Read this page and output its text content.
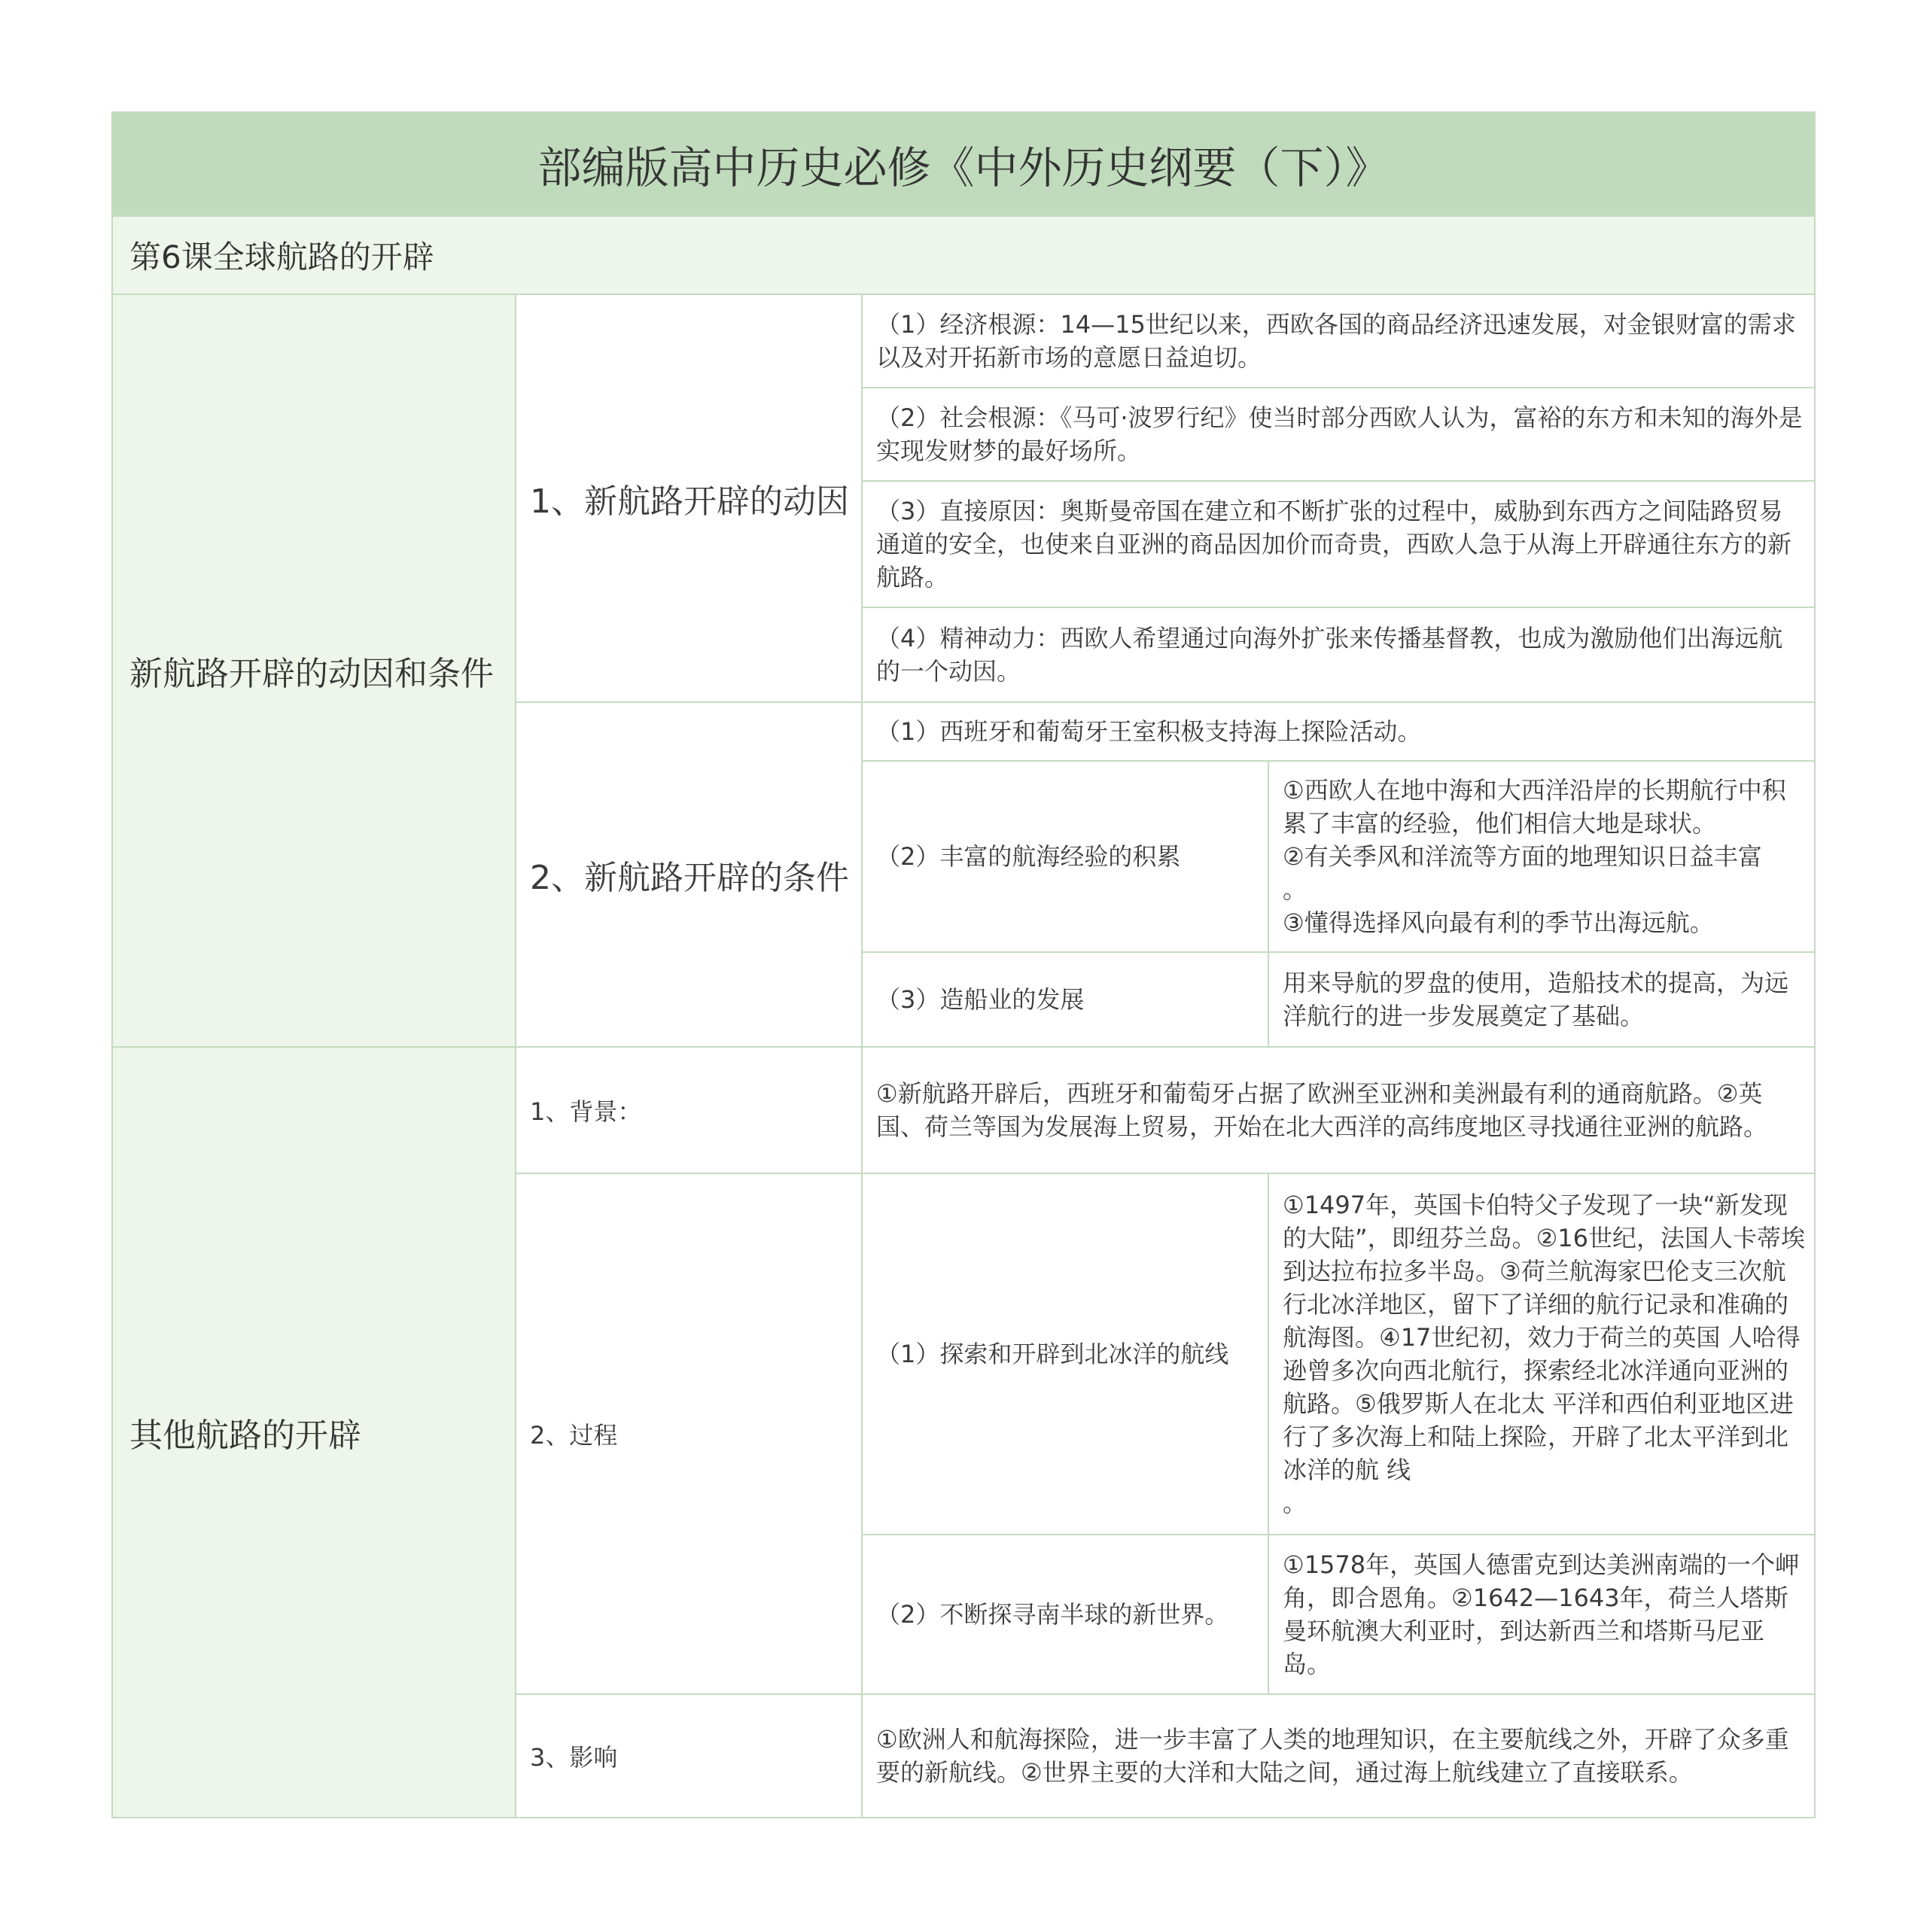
部编版高中历史必修《中外历史纲要（下）》
第6课全球航路的开辟
新航路开辟的动因和条件
1、新航路开辟的动因
（1）经济根源：14—15世纪以来，西欧各国的商品经济迅速发展，对金银财富的需求以及对开拓新市场的意愿日益迫切。
（2）社会根源：《马可·波罗行纪》使当时部分西欧人认为，富裕的东方和未知的海外是实现发财梦的最好场所。
（3）直接原因：奥斯曼帝国在建立和不断扩张的过程中，威胁到东西方之间陆路贸易通道的安全，也使来自亚洲的商品因加价而奇贵，西欧人急于从海上开辟通往东方的新航路。
（4）精神动力：西欧人希望通过向海外扩张来传播基督教，也成为激励他们出海远航的一个动因。
2、新航路开辟的条件
（1）西班牙和葡萄牙王室积极支持海上探险活动。
（2）丰富的航海经验的积累
①西欧人在地中海和大西洋沿岸的长期航行中积累了丰富的经验，他们相信大地是球状。
②有关季风和洋流等方面的地理知识日益丰富
。
③懂得选择风向最有利的季节出海远航。
（3）造船业的发展
用来导航的罗盘的使用，造船技术的提高，为远洋航行的进一步发展奠定了基础。
其他航路的开辟
1、背景：
①新航路开辟后，西班牙和葡萄牙占据了欧洲至亚洲和美洲最有利的通商航路。②英国、荷兰等国为发展海上贸易，开始在北大西洋的高纬度地区寻找通往亚洲的航路。
2、过程
（1）探索和开辟到北冰洋的航线
①1497年，英国卡伯特父子发现了一块“新发现的大陆”，即纽芬兰岛。②16世纪，法国人卡蒂埃到达拉布拉多半岛。③荷兰航海家巴伦支三次航行北冰洋地区，留下了详细的航行记录和准确的航海图。④17世纪初，效力于荷兰的英国 人哈得逊曾多次向西北航行，探索经北冰洋通向亚洲的航路。⑤俄罗斯人在北太 平洋和西伯利亚地区进行了多次海上和陆上探险，开辟了北太平洋到北冰洋的航 线
。
（2）不断探寻南半球的新世界。
①1578年，英国人德雷克到达美洲南端的一个岬角，即合恩角。②1642—1643年，荷兰人塔斯曼环航澳大利亚时，到达新西兰和塔斯马尼亚岛。
3、影响
①欧洲人和航海探险，进一步丰富了人类的地理知识，在主要航线之外，开辟了众多重要的新航线。②世界主要的大洋和大陆之间，通过海上航线建立了直接联系。
